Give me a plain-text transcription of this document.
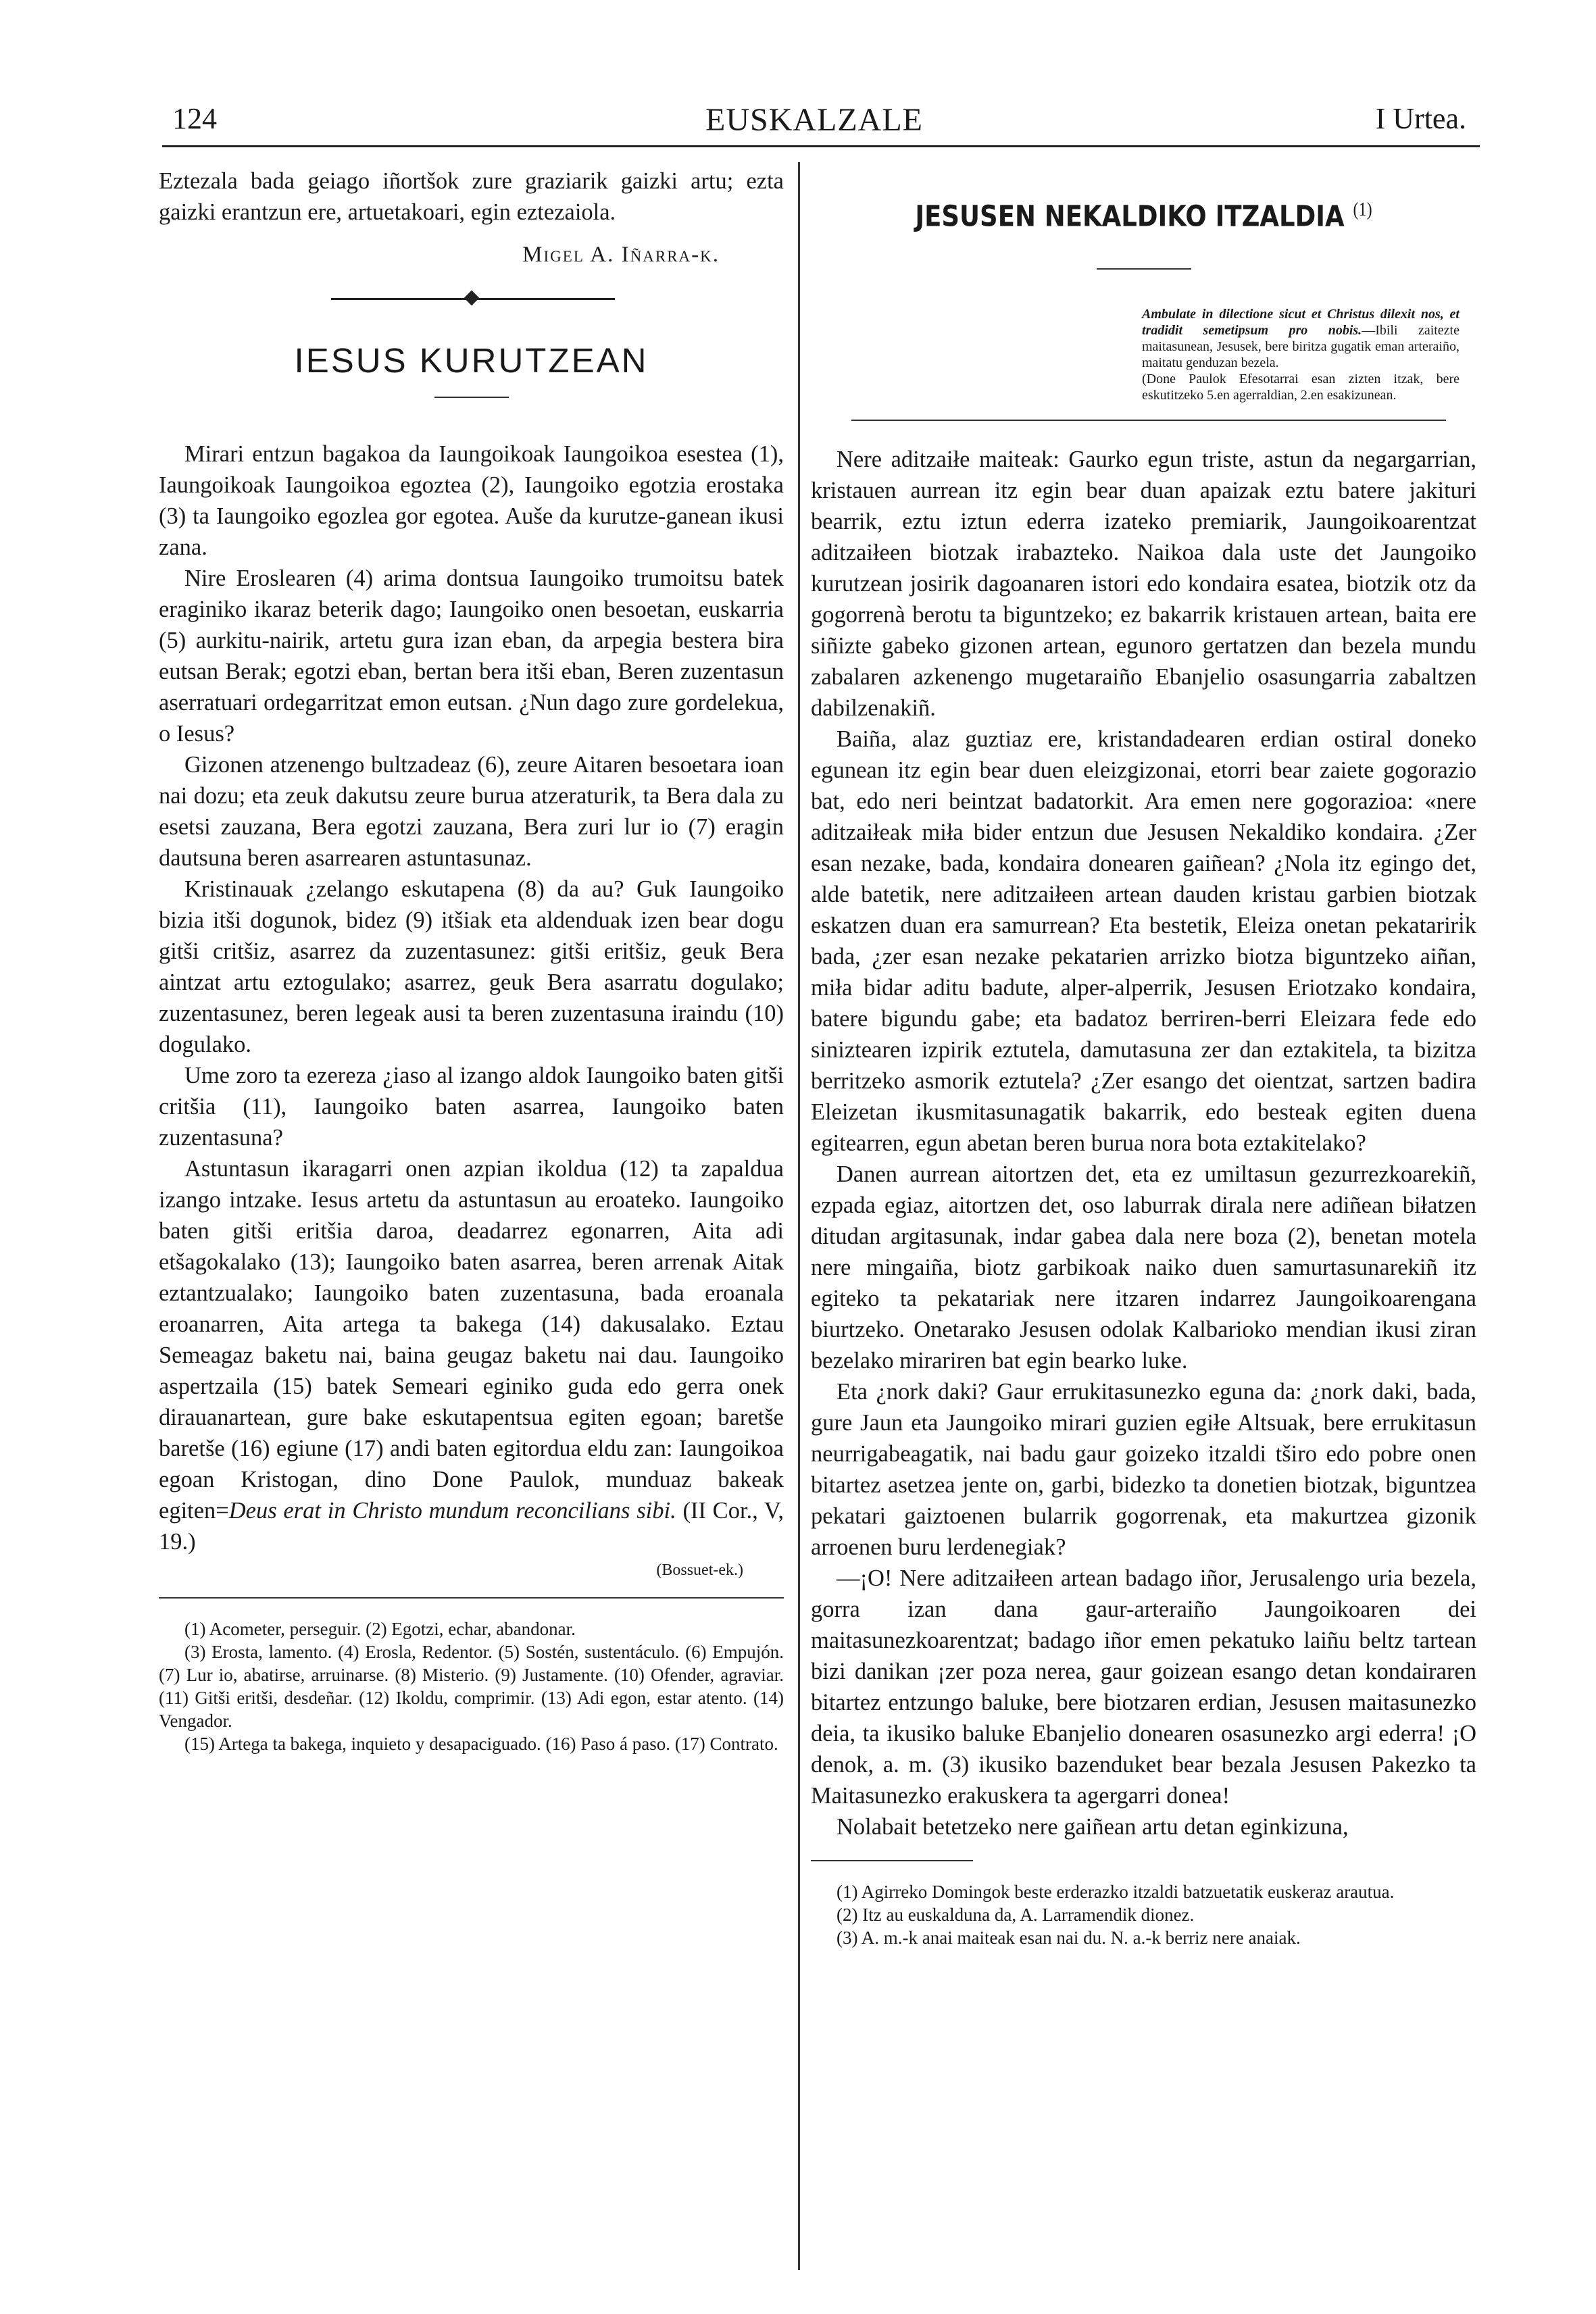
124	EUSKALZALE	I Urtea.

Eztezala bada geiago iñortšok zure graziarik gaizki artu; ezta gaizki erantzun ere, artuetakoari, egin eztezaiola.

Migel A. Iñarra-k.
IESUS KURUTZEAN

Mirari entzun bagakoa da Iaungoikoak Iaungoikoa esestea (1), Iaungoikoak Iaungoikoa egoztea (2), Iaungoiko egotzia erostaka (3) ta Iaungoiko egozlea gor egotea. Auše da kurutze-ganean ikusi zana.

Nire Eroslearen (4) arima dontsua Iaungoiko trumoitsu batek eraginiko ikaraz beterik dago; Iaungoiko onen besoetan, euskarria (5) aurkitu-nairik, artetu gura izan eban, da arpegia bestera bira eutsan Berak; egotzi eban, bertan bera itši eban, Beren zuzentasun aserratuari ordegarritzat emon eutsan. ¿Nun dago zure gordelekua, o Iesus?

Gizonen atzenengo bultzadeaz (6), zeure Aitaren besoetara ioan nai dozu; eta zeuk dakutsu zeure burua atzeraturik, ta Bera dala zu esetsi zauzana, Bera egotzi zauzana, Bera zuri lur io (7) eragin dautsuna beren asarrearen astuntasunaz.

Kristinauak ¿zelango eskutapena (8) da au? Guk Iaungoiko bizia itši dogunok, bidez (9) itšiak eta aldenduak izen bear dogu gitši critšiz, asarrez da zuzentasunez: gitši eritšiz, geuk Bera aintzat artu eztogulako; asarrez, geuk Bera asarratu dogulako; zuzentasunez, beren legeak ausi ta beren zuzentasuna iraindu (10) dogulako.

Ume zoro ta ezereza ¿iaso al izango aldok Iaungoiko baten gitši critšia (11), Iaungoiko baten asarrea, Iaungoiko baten zuzentasuna?

Astuntasun ikaragarri onen azpian ikoldua (12) ta zapaldua izango intzake. Iesus artetu da astuntasun au eroateko. Iaungoiko baten gitši eritšia daroa, deadarrez egonarren, Aita adi etšagokalako (13); Iaungoiko baten asarrea, beren arrenak Aitak eztantzualako; Iaungoiko baten zuzentasuna, bada eroanala eroanarren, Aita artega ta bakega (14) dakusalako. Eztau Semeagaz baketu nai, baina geugaz baketu nai dau. Iaungoiko aspertzaila (15) batek Semeari eginiko guda edo gerra onek dirauanartean, gure bake eskutapentsua egiten egoan; baretše baretše (16) egiune (17) andi baten egitordua eldu zan: Iaungoikoa egoan Kristogan, dino Done Paulok, munduaz bakeak egiten=Deus erat in Christo mundum reconcilians sibi. (II Cor., V, 19.)

(Bossuet-ek.)

(1) Acometer, perseguir. (2) Egotzi, echar, abandonar.

(3) Erosta, lamento. (4) Erosla, Redentor. (5) Sostén, sustentáculo. (6) Empujón. (7) Lur io, abatirse, arruinarse. (8) Misterio. (9) Justamente. (10) Ofender, agraviar. (11) Gitši eritši, desdeñar. (12) Ikoldu, comprimir. (13) Adi egon, estar atento. (14) Vengador.

(15) Artega ta bakega, inquieto y desapaciguado. (16) Paso á paso. (17) Contrato.

JESUSEN NEKALDIKO ITZALDIA $^{(1)}$
Ambulate in dilectione sicut et Christus dilexit nos, et tradidit semetipsum pro nobis.—Ibili zaitezte maitasunean, Jesusek, bere biritza gugatik eman arteraiño, maitatu genduzan bezela.
(Done Paulok Efesotarrai esan zizten itzak, bere eskutitzeko 5.en agerraldian, 2.en esakizunean.

Nere aditzaiłe maiteak: Gaurko egun triste, astun da negargarrian, kristauen aurrean itz egin bear duan apaizak eztu batere jakituri bearrik, eztu iztun ederra izateko premiarik, Jaungoikoarentzat aditzaiłeen biotzak irabazteko. Naikoa dala uste det Jaungoiko kurutzean josirik dagoanaren istori edo kondaira esatea, biotzik otz da gogorrenà berotu ta biguntzeko; ez bakarrik kristauen artean, baita ere siñizte gabeko gizonen artean, egunoro gertatzen dan bezela mundu zabalaren azkenengo mugetaraiño Ebanjelio osasungarria zabaltzen dabilzenakiñ.

Baiña, alaz guztiaz ere, kristandadearen erdian ostiral doneko egunean itz egin bear duen eleizgizonai, etorri bear zaiete gogorazio bat, edo neri beintzat badatorkit. Ara emen nere gogorazioa: «nere aditzaiłeak miła bider entzun due Jesusen Nekaldiko kondaira. ¿Zer esan nezake, bada, kondaira donearen gaiñean? ¿Nola itz egingo det, alde batetik, nere aditzaiłeen artean dauden kristau garbien biotzak eskatzen duan era samurrean? Eta bestetik, Eleiza onetan pekatariri̇k bada, ¿zer esan nezake pekatarien arrizko biotza biguntzeko aiñan, miła bidar aditu badute, alper-alperrik, Jesusen Eriotzako kondaira, batere bigundu gabe; eta badatoz berriren-berri Eleizara fede edo siniztearen izpirik eztutela, damutasuna zer dan eztakitela, ta bizitza berritzeko asmorik eztutela? ¿Zer esango det oientzat, sartzen badira Eleizetan ikusmitasunagatik bakarrik, edo besteak egiten duena egitearren, egun abetan beren burua nora bota eztakitelako?

Danen aurrean aitortzen det, eta ez umiltasun gezurrezkoarekiñ, ezpada egiaz, aitortzen det, oso laburrak dirala nere adiñean biłatzen ditudan argitasunak, indar gabea dala nere boza (2), benetan motela nere mingaiña, biotz garbikoak naiko duen samurtasunarekiñ itz egiteko ta pekatariak nere itzaren indarrez Jaungoikoarengana biurtzeko. Onetarako Jesusen odolak Kalbarioko mendian ikusi ziran bezelako mirariren bat egin bearko luke.

Eta ¿nork daki? Gaur errukitasunezko eguna da: ¿nork daki, bada, gure Jaun eta Jaungoiko mirari guzien egiłe Altsuak, bere errukitasun neurrigabeagatik, nai badu gaur goizeko itzaldi tširo edo pobre onen bitartez asetzea jente on, garbi, bidezko ta donetien biotzak, biguntzea pekatari gaiztoenen bularrik gogorrenak, eta makurtzea gizonik arroenen buru lerdenegiak?

—¡O! Nere aditzaiłeen artean badago iñor, Jerusalengo uria bezela, gorra izan dana gaur-arteraiño Jaungoikoaren dei maitasunezkoarentzat; badago iñor emen pekatuko laiñu beltz tartean bizi danikan ¡zer poza nerea, gaur goizean esango detan kondairaren bitartez entzungo baluke, bere biotzaren erdian, Jesusen maitasunezko deia, ta ikusiko baluke Ebanjelio donearen osasunezko argi ederra! ¡O denok, a. m. (3) ikusiko bazenduket bear bezala Jesusen Pakezko ta Maitasunezko erakuskera ta agergarri donea!

Nolabait betetzeko nere gaiñean artu detan eginkizuna,

(1) Agirreko Domingok beste erderazko itzaldi batzuetatik euskeraz arautua.

(2) Itz au euskalduna da, A. Larramendik dionez.

(3) A. m.-k anai maiteak esan nai du. N. a.-k berriz nere anaiak.
